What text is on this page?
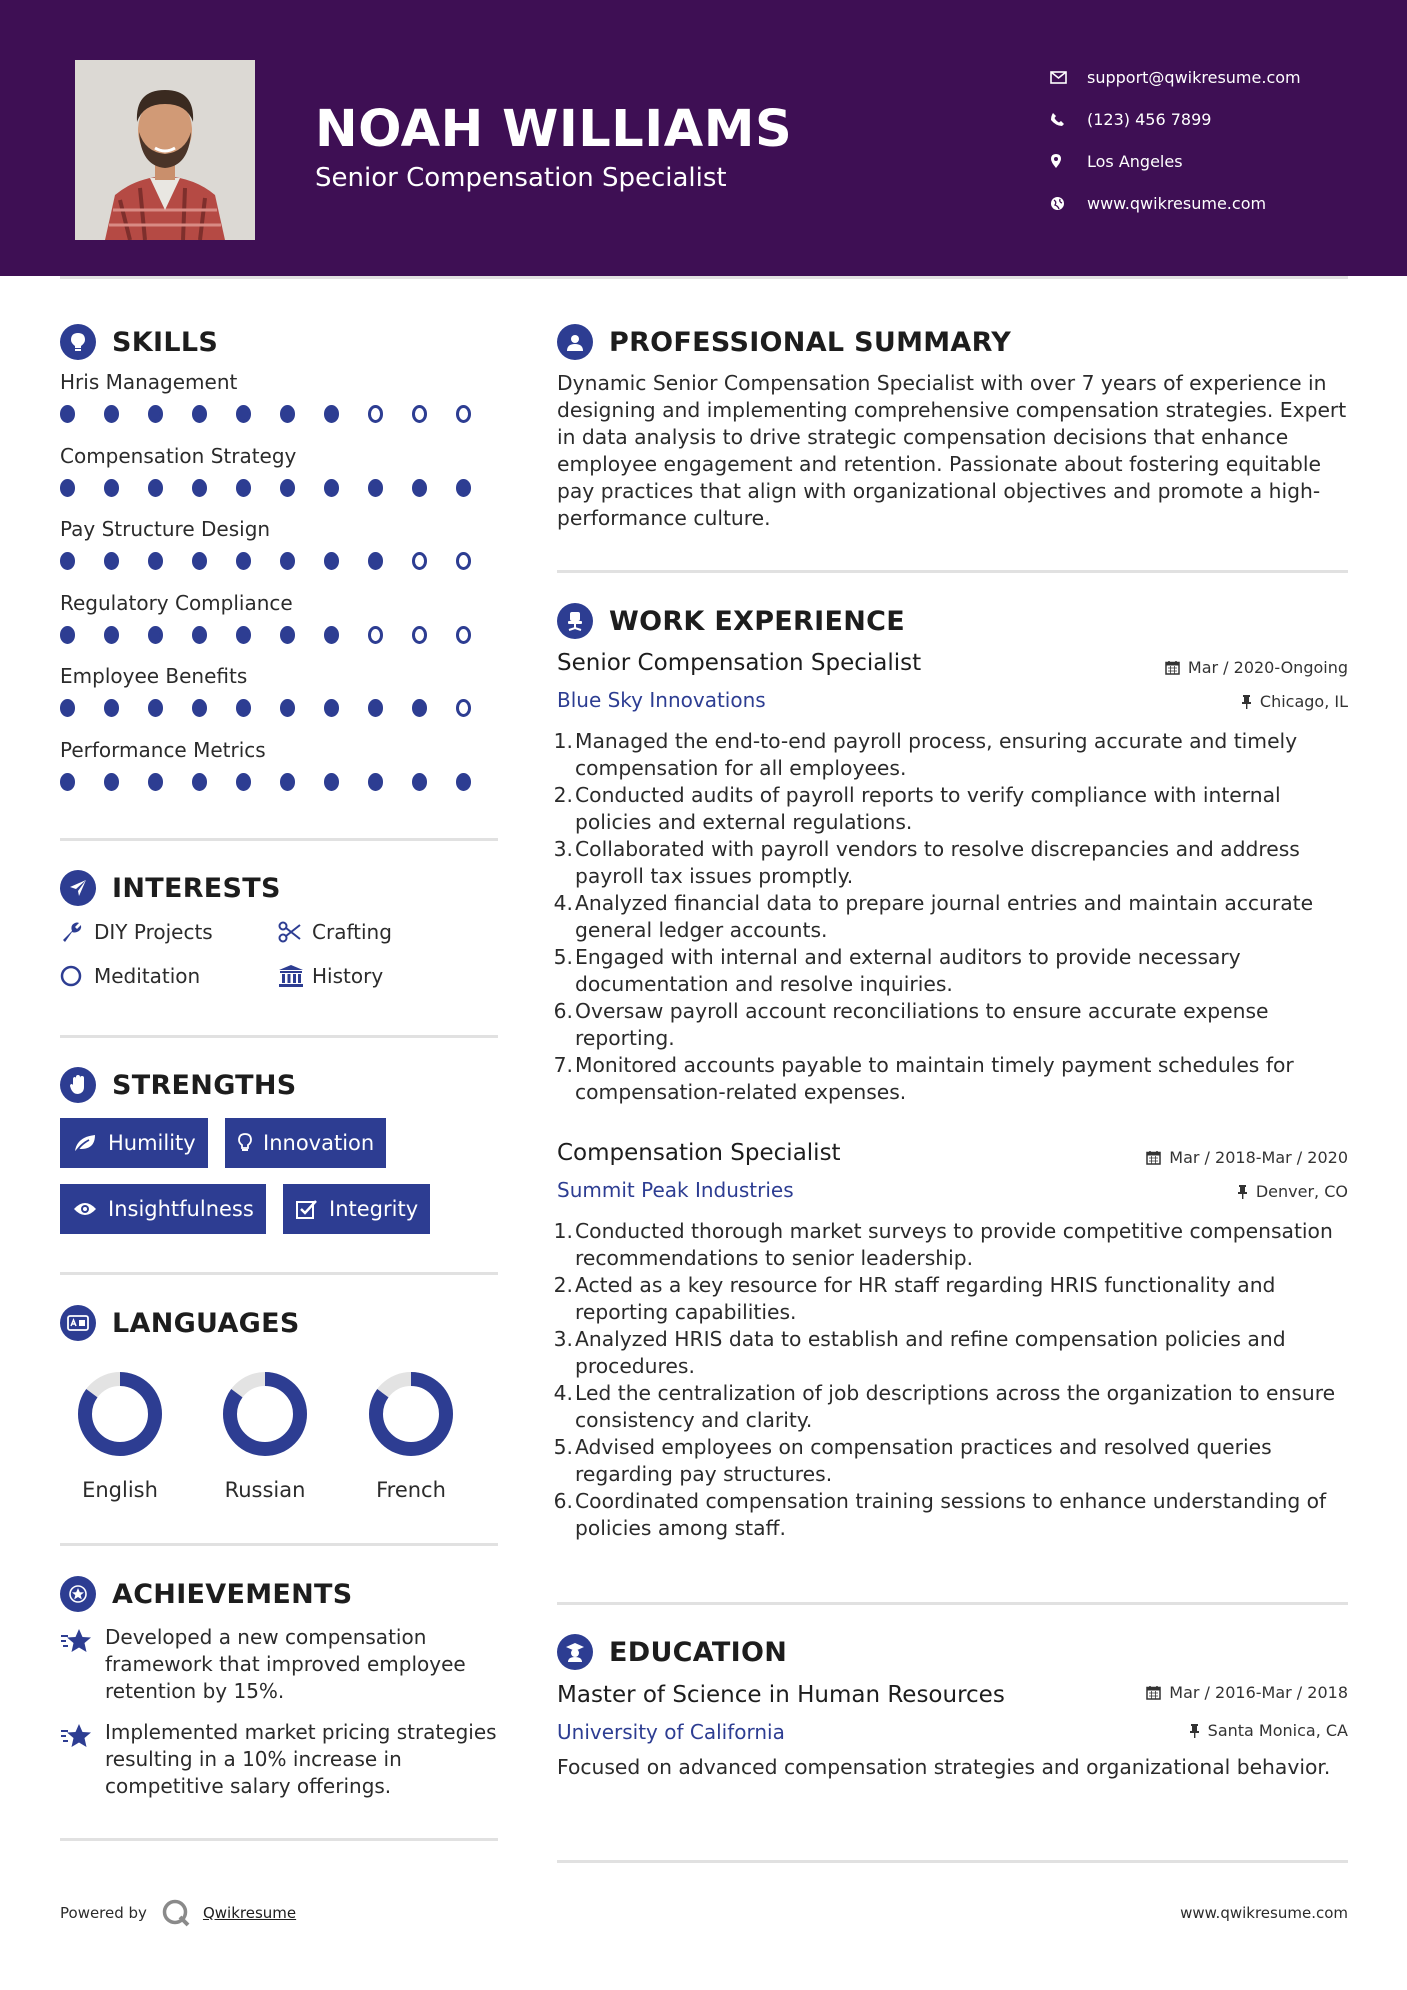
NOAH WILLIAMS
Senior Compensation Specialist
support@qwikresume.com
(123) 456 7899
Los Angeles
www.qwikresume.com
SKILLS
Hris Management
Compensation Strategy
Pay Structure Design
Regulatory Compliance
Employee Benefits
Performance Metrics
INTERESTS
DIY Projects	Crafting
Meditation	History
STRENGTHS
Humility	Innovation
Insightfulness	Integrity
LANGUAGES
English	Russian	French
ACHIEVEMENTS
Developed a new compensation framework that improved employee retention by 15%.
Implemented market pricing strategies resulting in a 10% increase in competitive salary offerings.
PROFESSIONAL SUMMARY
Dynamic Senior Compensation Specialist with over 7 years of experience in designing and implementing comprehensive compensation strategies. Expert in data analysis to drive strategic compensation decisions that enhance employee engagement and retention. Passionate about fostering equitable pay practices that align with organizational objectives and promote a high-performance culture.
WORK EXPERIENCE
Senior Compensation Specialist	Mar / 2020-Ongoing
Blue Sky Innovations	Chicago, IL
1. Managed the end-to-end payroll process, ensuring accurate and timely compensation for all employees.
2. Conducted audits of payroll reports to verify compliance with internal policies and external regulations.
3. Collaborated with payroll vendors to resolve discrepancies and address payroll tax issues promptly.
4. Analyzed financial data to prepare journal entries and maintain accurate general ledger accounts.
5. Engaged with internal and external auditors to provide necessary documentation and resolve inquiries.
6. Oversaw payroll account reconciliations to ensure accurate expense reporting.
7. Monitored accounts payable to maintain timely payment schedules for compensation-related expenses.
Compensation Specialist	Mar / 2018-Mar / 2020
Summit Peak Industries	Denver, CO
1. Conducted thorough market surveys to provide competitive compensation recommendations to senior leadership.
2. Acted as a key resource for HR staff regarding HRIS functionality and reporting capabilities.
3. Analyzed HRIS data to establish and refine compensation policies and procedures.
4. Led the centralization of job descriptions across the organization to ensure consistency and clarity.
5. Advised employees on compensation practices and resolved queries regarding pay structures.
6. Coordinated compensation training sessions to enhance understanding of policies among staff.
EDUCATION
Master of Science in Human Resources	Mar / 2016-Mar / 2018
University of California	Santa Monica, CA
Focused on advanced compensation strategies and organizational behavior.
Powered by	Qwikresume	www.qwikresume.com
